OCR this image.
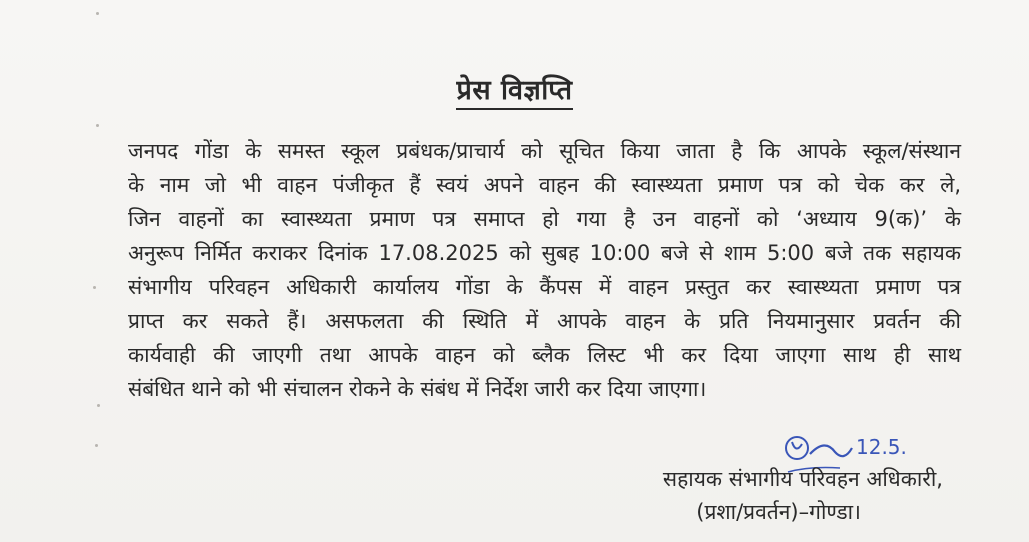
प्रेस विज्ञप्ति
जनपद गोंडा के समस्त स्कूल प्रबंधक/प्राचार्य को सूचित किया जाता है कि आपके स्कूल/संस्थान
के नाम जो भी वाहन पंजीकृत हैं स्वयं अपने वाहन की स्वास्थ्यता प्रमाण पत्र को चेक कर ले,
जिन वाहनों का स्वास्थ्यता प्रमाण पत्र समाप्त हो गया है उन वाहनों को ‘अध्याय 9(क)’ के
अनुरूप निर्मित कराकर दिनांक 17.08.2025 को सुबह 10:00 बजे से शाम 5:00 बजे तक सहायक
संभागीय परिवहन अधिकारी कार्यालय गोंडा के कैंपस में वाहन प्रस्तुत कर स्वास्थ्यता प्रमाण पत्र
प्राप्त कर सकते हैं। असफलता की स्थिति में आपके वाहन के प्रति नियमानुसार प्रवर्तन की
कार्यवाही की जाएगी तथा आपके वाहन को ब्लैक लिस्ट भी कर दिया जाएगा साथ ही साथ
संबंधित थाने को भी संचालन रोकने के संबंध में निर्देश जारी कर दिया जाएगा।
12.5.
सहायक संभागीय परिवहन अधिकारी,
(प्रशा/प्रवर्तन)–गोण्डा।
